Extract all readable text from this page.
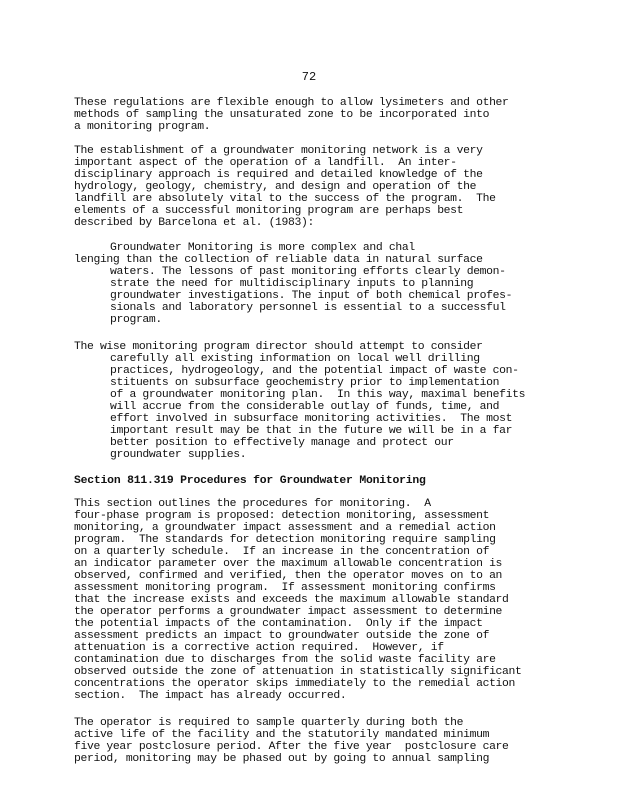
72
These regulations are flexible enough to allow lysimeters and other
methods of sampling the unsaturated zone to be incorporated into
a monitoring program.
The establishment of a groundwater monitoring network is a very
important aspect of the operation of a landfill.  An inter-
disciplinary approach is required and detailed knowledge of the
hydrology, geology, chemistry, and design and operation of the
landfill are absolutely vital to the success of the program.  The
elements of a successful monitoring program are perhaps best
described by Barcelona et al. (1983):
Groundwater Monitoring is more complex and chal
lenging than the collection of reliable data in natural surface
waters. The lessons of past monitoring efforts clearly demon-
strate the need for multidisciplinary inputs to planning
groundwater investigations. The input of both chemical profes-
sionals and laboratory personnel is essential to a successful
program.
The wise monitoring program director should attempt to consider
carefully all existing information on local well drilling
practices, hydrogeology, and the potential impact of waste con-
stituents on subsurface geochemistry prior to implementation
of a groundwater monitoring plan.  In this way, maximal benefits
will accrue from the considerable outlay of funds, time, and
effort involved in subsurface monitoring activities.  The most
important result may be that in the future we will be in a far
better position to effectively manage and protect our
groundwater supplies.
Section 811.319 Procedures for Groundwater Monitoring
This section outlines the procedures for monitoring.  A
four-phase program is proposed: detection monitoring, assessment
monitoring, a groundwater impact assessment and a remedial action
program.  The standards for detection monitoring require sampling
on a quarterly schedule.  If an increase in the concentration of
an indicator parameter over the maximum allowable concentration is
observed, confirmed and verified, then the operator moves on to an
assessment monitoring program.  If assessment monitoring confirms
that the increase exists and exceeds the maximum allowable standard
the operator performs a groundwater impact assessment to determine
the potential impacts of the contamination.  Only if the impact
assessment predicts an impact to groundwater outside the zone of
attenuation is a corrective action required.  However, if
contamination due to discharges from the solid waste facility are
observed outside the zone of attenuation in statistically significant
concentrations the operator skips immediately to the remedial action
section.  The impact has already occurred.
The operator is required to sample quarterly during both the
active life of the facility and the statutorily mandated minimum
five year postclosure period. After the five year  postclosure care
period, monitoring may be phased out by going to annual sampling
